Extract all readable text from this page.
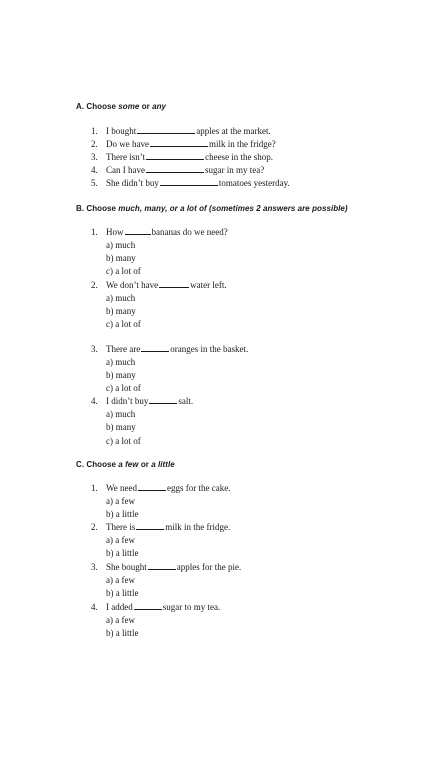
A. Choose some or any
1. I bought	apples at the market.
2. Do we have	milk in the fridge?
3. There isn’t	cheese in the shop.
4. Can I have	sugar in my tea?
5. She didn’t buy	tomatoes yesterday.
B. Choose much, many, or a lot of (sometimes 2 answers are possible)
1. How	bananas do we need?
a) much
b) many
c) a lot of
2. We don’t have	water left.
a) much
b) many
c) a lot of
3. There are	oranges in the basket.
a) much
b) many
c) a lot of
4. I didn’t buy	salt.
a) much
b) many
c) a lot of
C. Choose a few or a little
1. We need	eggs for the cake.
a) a few
b) a little
2. There is	milk in the fridge.
a) a few
b) a little
3. She bought	apples for the pie.
a) a few
b) a little
4. I added	sugar to my tea.
a) a few
b) a little
